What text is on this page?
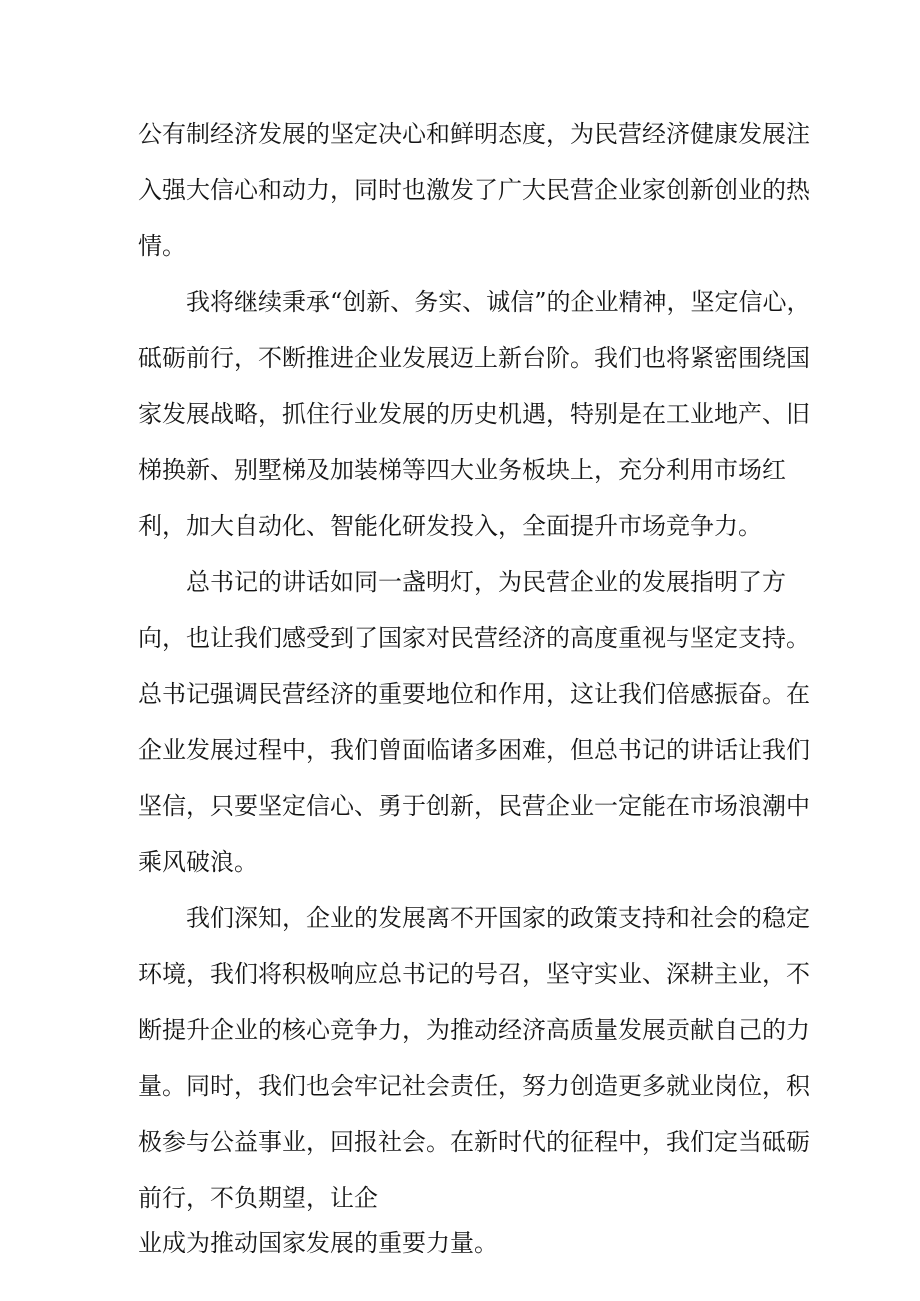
公有制经济发展的坚定决心和鲜明态度，为民营经济健康发展注入强大信心和动力，同时也激发了广大民营企业家创新创业的热情。

我将继续秉承“创新、务实、诚信”的企业精神，坚定信心，砥砺前行，不断推进企业发展迈上新台阶。我们也将紧密围绕国家发展战略，抓住行业发展的历史机遇，特别是在工业地产、旧梯换新、别墅梯及加装梯等四大业务板块上，充分利用市场红利，加大自动化、智能化研发投入，全面提升市场竞争力。

总书记的讲话如同一盏明灯，为民营企业的发展指明了方向，也让我们感受到了国家对民营经济的高度重视与坚定支持。总书记强调民营经济的重要地位和作用，这让我们倍感振奋。在企业发展过程中，我们曾面临诸多困难，但总书记的讲话让我们坚信，只要坚定信心、勇于创新，民营企业一定能在市场浪潮中乘风破浪。

我们深知，企业的发展离不开国家的政策支持和社会的稳定环境，我们将积极响应总书记的号召，坚守实业、深耕主业，不断提升企业的核心竞争力，为推动经济高质量发展贡献自己的力量。同时，我们也会牢记社会责任，努力创造更多就业岗位，积极参与公益事业，回报社会。在新时代的征程中，我们定当砥砺

前行，不负期望，让企
业成为推动国家发展的重要力量。
